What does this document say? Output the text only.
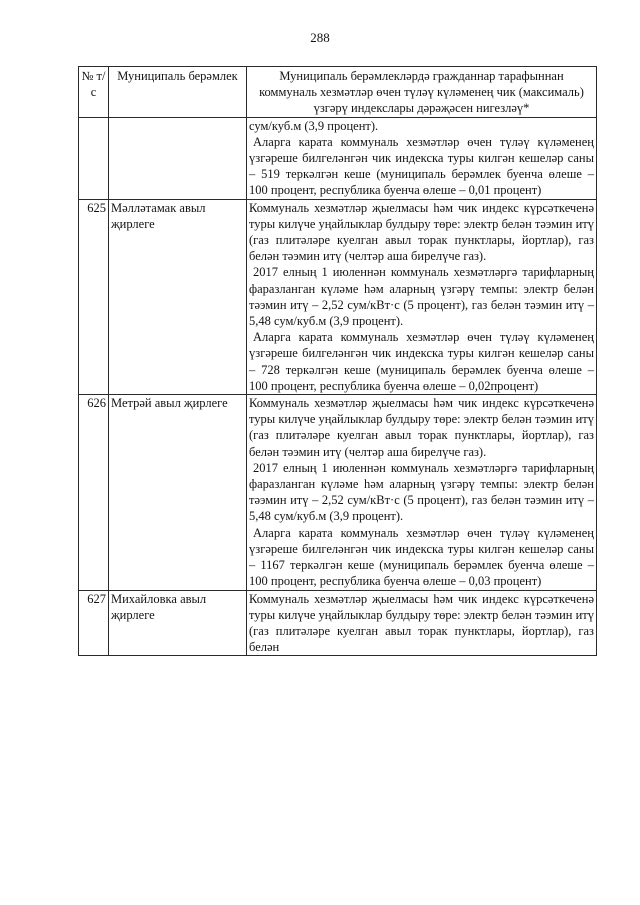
288
№ т/с	Муниципаль берәмлек	Муниципаль берәмлекләрдә гражданнар тарафыннан коммуналь хезмәтләр өчен түләү күләменең чик (максималь) үзгәрү индекслары дәрәҗәсен нигезләү*

		сум/куб.м (3,9 процент).
Аларга карата коммуналь хезмәтләр өчен түләү күләменең үзгәреше билгеләнгән чик индекска туры килгән кешеләр саны – 519 теркәлгән кеше (муниципаль берәмлек буенча өлеше – 100 процент, республика буенча өлеше – 0,01 процент)

625	Мәлләтамак авыл җирлеге	Коммуналь хезмәтләр җыелмасы һәм чик индекс күрсәткеченә туры килүче уңайлыклар булдыру төре: электр белән тәэмин итү (газ плитәләре куелган авыл торак пунктлары, йортлар), газ белән тәэмин итү (челтәр аша бирелүче газ).
2017 елның 1 июленнән коммуналь хезмәтләргә тарифларның фаразланган күләме һәм аларның үзгәрү темпы: электр белән тәэмин итү – 2,52 сум/кВт·с (5 процент), газ белән тәэмин итү – 5,48 сум/куб.м (3,9 процент).
Аларга карата коммуналь хезмәтләр өчен түләү күләменең үзгәреше билгеләнгән чик индекска туры килгән кешеләр саны – 728 теркәлгән кеше (муниципаль берәмлек буенча өлеше – 100 процент, республика буенча өлеше – 0,02процент)

626	Метрәй авыл җирлеге	Коммуналь хезмәтләр җыелмасы һәм чик индекс күрсәткеченә туры килүче уңайлыклар булдыру төре: электр белән тәэмин итү (газ плитәләре куелган авыл торак пунктлары, йортлар), газ белән тәэмин итү (челтәр аша бирелүче газ).
2017 елның 1 июленнән коммуналь хезмәтләргә тарифларның фаразланган күләме һәм аларның үзгәрү темпы: электр белән тәэмин итү – 2,52 сум/кВт·с (5 процент), газ белән тәэмин итү – 5,48 сум/куб.м (3,9 процент).
Аларга карата коммуналь хезмәтләр өчен түләү күләменең үзгәреше билгеләнгән чик индекска туры килгән кешеләр саны – 1167 теркәлгән кеше (муниципаль берәмлек буенча өлеше – 100 процент, республика буенча өлеше – 0,03 процент)

627	Михайловка авыл җирлеге	Коммуналь хезмәтләр җыелмасы һәм чик индекс күрсәткеченә туры килүче уңайлыклар булдыру төре: электр белән тәэмин итү (газ плитәләре куелган авыл торак пунктлары, йортлар), газ белән
